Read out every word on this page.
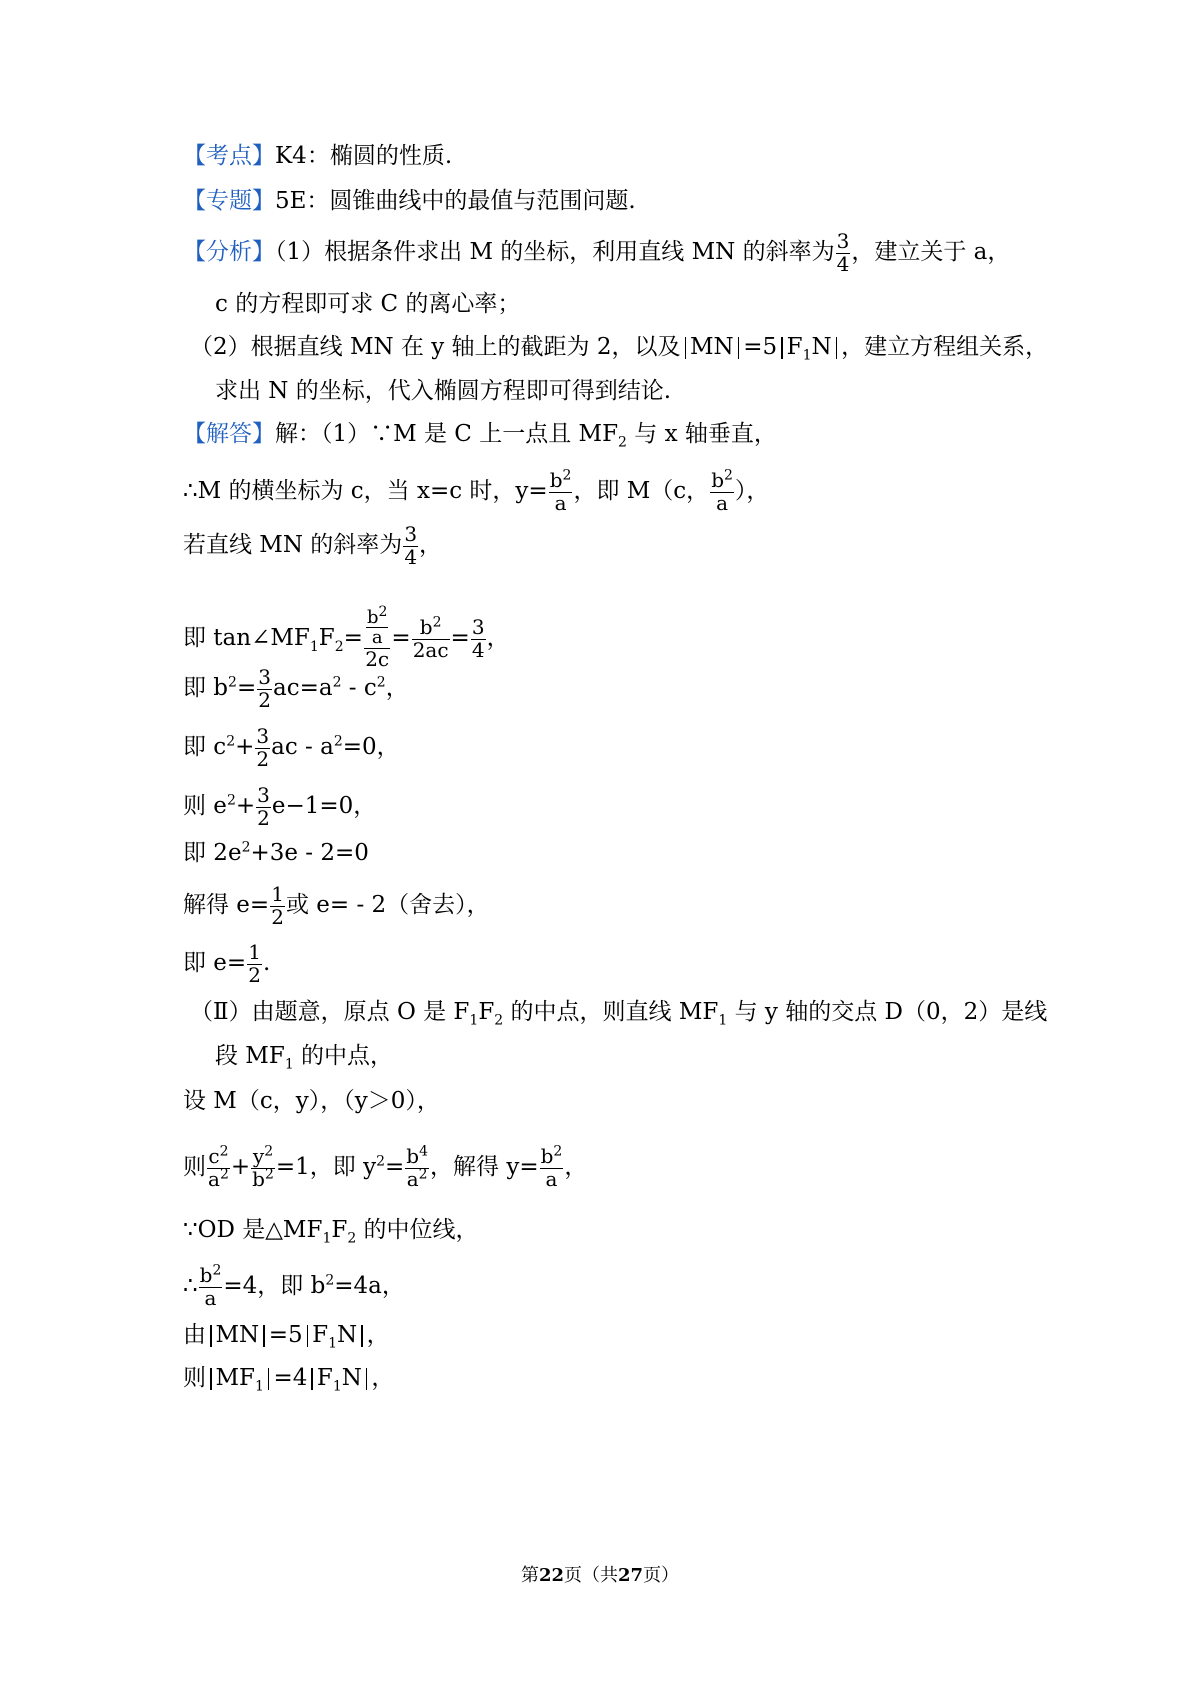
【考点】K4：椭圆的性质.
【专题】5E：圆锥曲线中的最值与范围问题.
【分析】（1）根据条件求出 M 的坐标，利用直线 MN 的斜率为 $\frac{3}{4}$ ，建立关于 a，
c 的方程即可求 C 的离心率；
（2）根据直线 MN 在 y 轴上的截距为 2，以及 MN =5 $F_1N$ ，建立方程组关系，
求出 N 的坐标，代入椭圆方程即可得到结论.
【解答】解：（1）∵M 是 C 上一点且 $MF_2$ 与 x 轴垂直，
∴M 的横坐标为 c，当 x=c 时，$y= \frac{b^2}{a}$ ，即 M（c， $\frac{b^2}{a}$ ），
若直线 MN 的斜率为 $\frac{3}{4}$ ，
即 $\tan\angle MF_1F_2= \frac{\frac{b^2}{a}}{2c} = \frac{b^2}{2ac} = \frac{3}{4}$ ，
即 $b^2= \frac{3}{2} ac=a^2 - c^2$，
即 $c^2+ \frac{3}{2}$ ac - $a^2=0$，
则 $e^2+ \frac{3}{2} e-1=0$，
即 $2e^2+3e - 2=0$
解得 $e= \frac{1}{2}$ 或 e= - 2（舍去），
即 $e= \frac{1}{2}$ .
（Ⅱ）由题意，原点 O 是 $F_1F_2$ 的中点，则直线 $MF_1$ 与 y 轴的交点 D（0，2）是线
段 $MF_1$ 的中点，
设 M（c，y），（y＞0），
则 $\frac{c^2}{a^2} + \frac{y^2}{b^2} =1$，即 $y^2= \frac{b^4}{a^2}$ ，解得 $y= \frac{b^2}{a}$ ，
∵OD 是$\triangle MF_1F_2$ 的中位线，
∴ $\frac{b^2}{a} =4$，即 $b^2=4a$，
由 MN =5 $F_1N$ ，
则 $MF_1 =4$ $F_1N$ ，
第22页（共27页）
